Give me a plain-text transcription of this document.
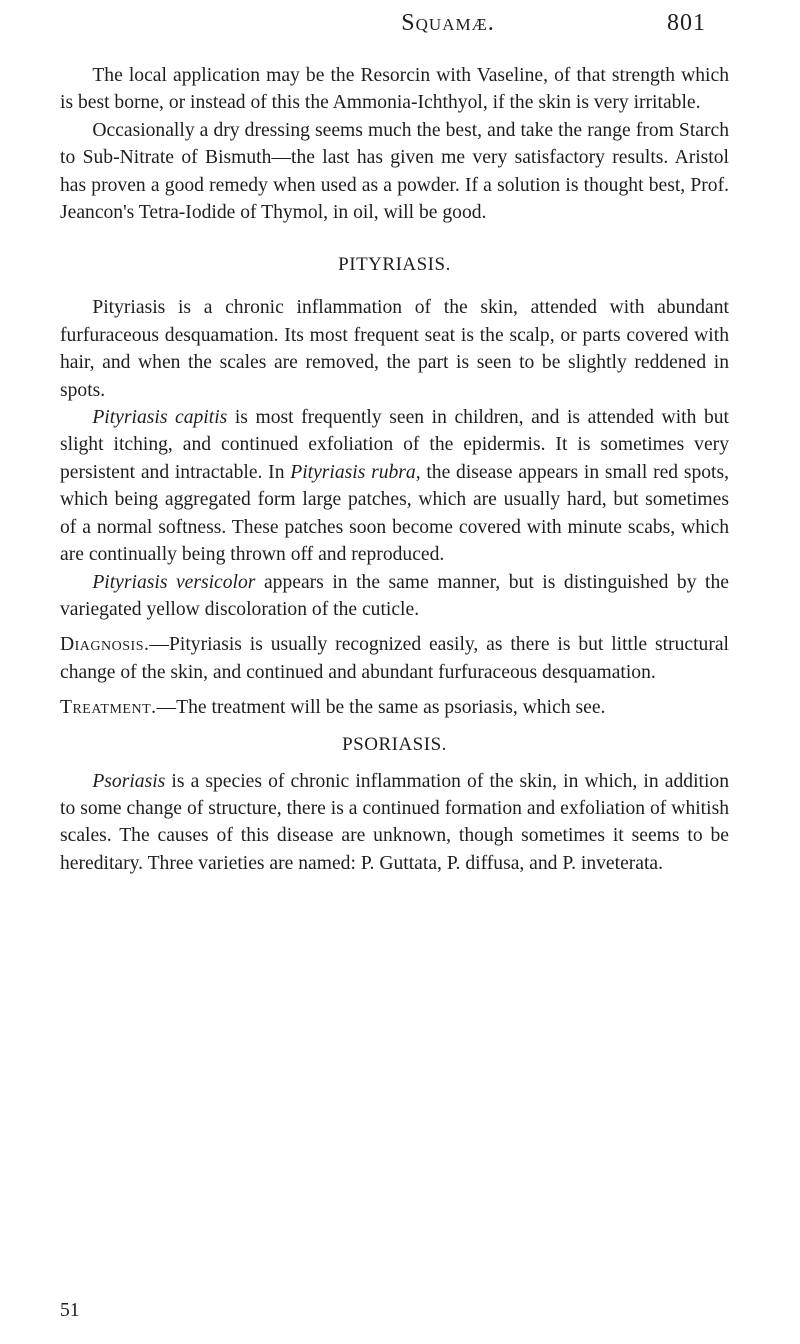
Squamæ.	801

The local application may be the Resorcin with Vaseline, of that strength which is best borne, or instead of this the Ammonia-Ichthyol, if the skin is very irritable.

Occasionally a dry dressing seems much the best, and take the range from Starch to Sub-Nitrate of Bismuth—the last has given me very satisfactory results. Aristol has proven a good remedy when used as a powder. If a solution is thought best, Prof. Jeancon's Tetra-Iodide of Thymol, in oil, will be good.

PITYRIASIS.

Pityriasis is a chronic inflammation of the skin, attended with abundant furfuraceous desquamation. Its most frequent seat is the scalp, or parts covered with hair, and when the scales are removed, the part is seen to be slightly reddened in spots.

Pityriasis capitis is most frequently seen in children, and is attended with but slight itching, and continued exfoliation of the epidermis. It is sometimes very persistent and intractable. In Pityriasis rubra, the disease appears in small red spots, which being aggregated form large patches, which are usually hard, but sometimes of a normal softness. These patches soon become covered with minute scabs, which are continually being thrown off and reproduced.

Pityriasis versicolor appears in the same manner, but is distinguished by the variegated yellow discoloration of the cuticle.

Diagnosis.—Pityriasis is usually recognized easily, as there is but little structural change of the skin, and continued and abundant furfuraceous desquamation.

Treatment.—The treatment will be the same as psoriasis, which see.

PSORIASIS.

Psoriasis is a species of chronic inflammation of the skin, in which, in addition to some change of structure, there is a continued formation and exfoliation of whitish scales. The causes of this disease are unknown, though sometimes it seems to be hereditary. Three varieties are named: P. Guttata, P. diffusa, and P. inveterata.

51
